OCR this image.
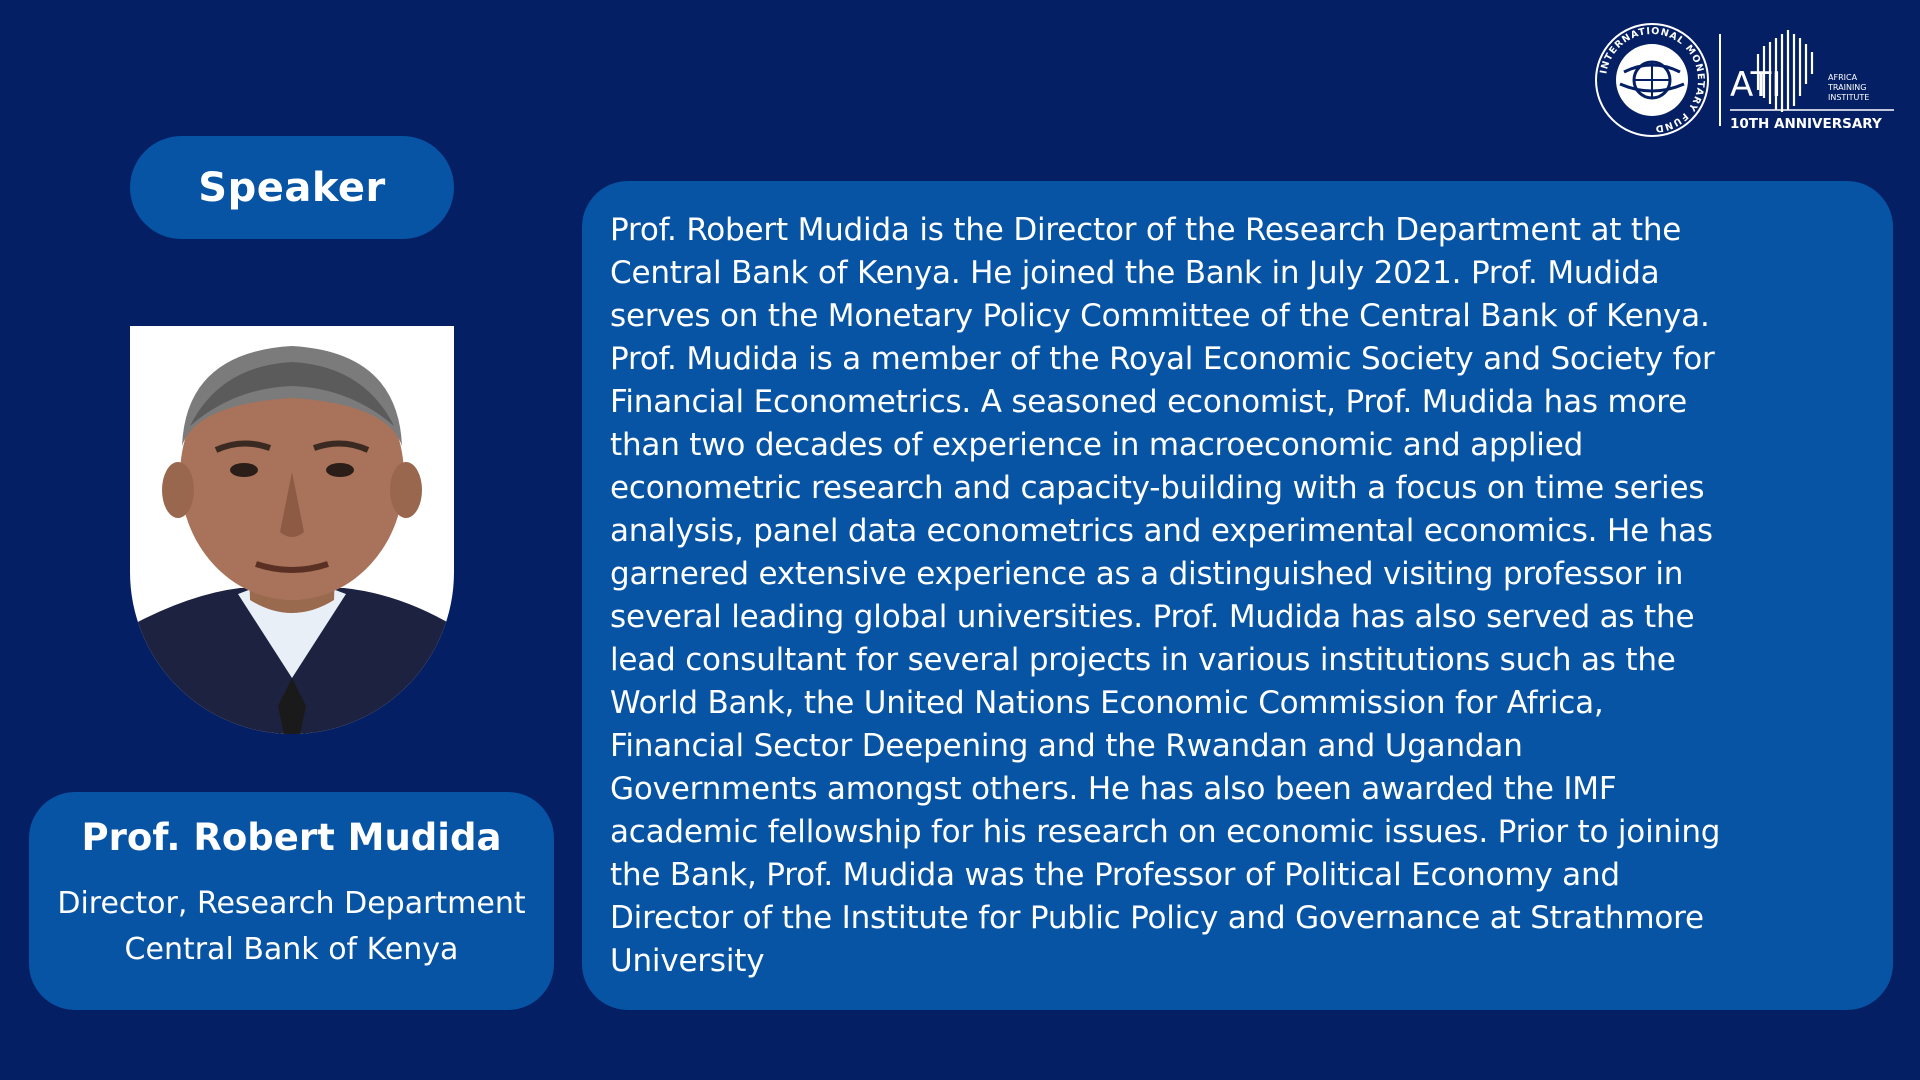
Speaker
Prof. Robert Mudida
Director, Research Department
Central Bank of Kenya

Prof. Robert Mudida is the Director of the Research Department at the
Central Bank of Kenya. He joined the Bank in July 2021. Prof. Mudida
serves on the Monetary Policy Committee of the Central Bank of Kenya.
Prof. Mudida is a member of the Royal Economic Society and Society for
Financial Econometrics. A seasoned economist, Prof. Mudida has more
than two decades of experience in macroeconomic and applied
econometric research and capacity-building with a focus on time series
analysis, panel data econometrics and experimental economics. He has
garnered extensive experience as a distinguished visiting professor in
several leading global universities. Prof. Mudida has also served as the
lead consultant for several projects in various institutions such as the
World Bank, the United Nations Economic Commission for Africa,
Financial Sector Deepening and the Rwandan and Ugandan
Governments amongst others. He has also been awarded the IMF
academic fellowship for his research on economic issues. Prior to joining
the Bank, Prof. Mudida was the Professor of Political Economy and
Director of the Institute for Public Policy and Governance at Strathmore
University

INTERNATIONAL MONETARY FUND
ATI	AFRICA
TRAINING
INSTITUTE
10TH ANNIVERSARY
